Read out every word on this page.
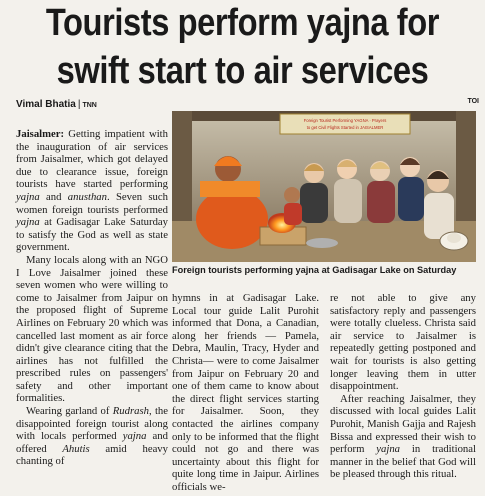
Tourists perform yajna for
swift start to air services
Vimal Bhatia | TNN
TOI
Foreign Tourist Performing YAGNA · Prayers
to get Civil Flights Started in JAISALMER
Foreign tourists performing yajna at Gadisagar Lake on Saturday

Jaisalmer: Getting impatient with the inauguration of air services from Jaisalmer, which got delayed due to clearance issue, foreign tourists have started performing yajna and anusthan. Seven such women foreign tourists performed yajna at Gadisagar Lake Saturday to satisfy the God as well as state government.

Many locals along with an NGO I Love Jaisalmer joined these seven women who were willing to come to Jaisalmer from Jaipur on the proposed flight of Supreme Airlines on February 20 which was cancelled last moment as air force didn't give clearance citing that the airlines has not fulfilled the prescribed rules on passengers' safety and other important formalities.

Wearing garland of Rudrash, the disappointed foreign tourist along with locals performed yajna and offered Ahutis amid heavy chanting of

hymns in at Gadisagar Lake. Local tour guide Lalit Purohit informed that Dona, a Canadian, along her friends — Pamela, Debra, Maulin, Tracy, Hyder and Christa— were to come Jaisalmer from Jaipur on February 20 and one of them came to know about the direct flight services starting for Jaisalmer. Soon, they contacted the airlines company only to be informed that the flight could not go and there was uncertainty about this flight for quite long time in Jaipur. Airlines officials we-

re not able to give any satisfactory reply and passengers were totally clueless. Christa said air service to Jaisalmer is repeatedly getting postponed and wait for tourists is also getting longer leaving them in utter disappointment.

After reaching Jaisalmer, they discussed with local guides Lalit Purohit, Manish Gajja and Rajesh Bissa and expressed their wish to perform yajna in traditional manner in the belief that God will be pleased through this ritual.
